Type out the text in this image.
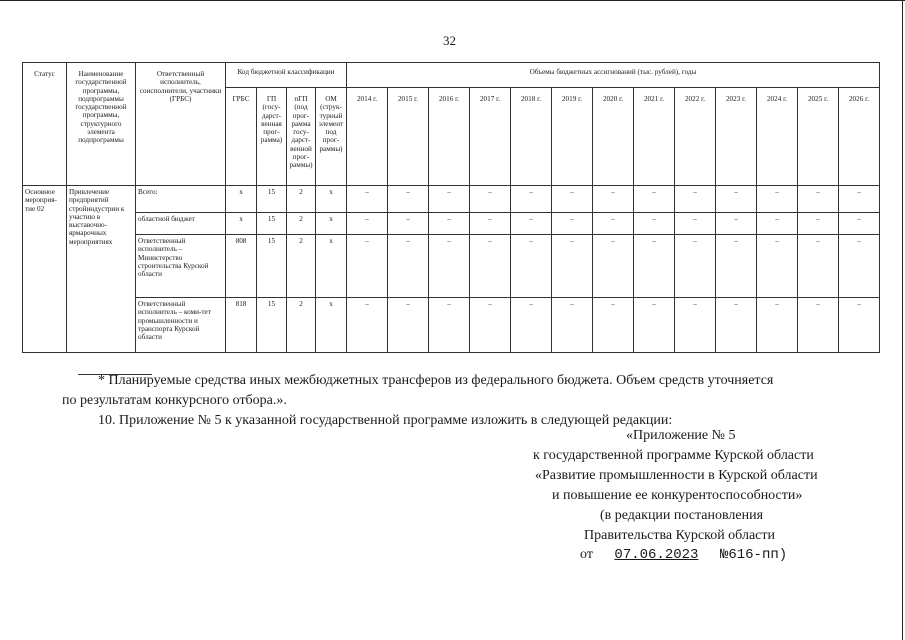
32
Статус	Наименование государственной программы, подпрограммы государственной программы, структурного элемента подпрограммы	Ответственный исполнитель, соисполнители, участники (ГРБС)	Код бюджетной классификации				Объемы бюджетных ассигнований (тыс. рублей), годы												
			ГРБС	ГП (госу-дарст-венная прог-рамма)	пГП (под прог-рамма госу-дарст-венной прог-раммы)	ОМ (струк-турный элемент под прог-раммы)	2014 г.	2015 г.	2016 г.	2017 г.	2018 г.	2019 г.	2020 г.	2021 г.	2022 г.	2023 г.	2024 г.	2025 г.	2026 г.
Основное мероприя-тие 02	Привлечение предприятий стройиндустрии к участию в выставочно-ярмарочных мероприятиях	Всего:	х	15	2	х	–	–	–	–	–	–	–	–	–	–	–	–	–
		областной бюджет	х	15	2	х	–	–	–	–	–	–	–	–	–	–	–	–	–
		Ответственный исполнитель – Министерство строительства Курской области	808	15	2	х	–	–	–	–	–	–	–	–	–	–	–	–	–
		Ответственный исполнитель – коми-тет промышленности и транспорта Курской области	818	15	2	х	–	–	–	–	–	–	–	–	–	–	–	–	–
* Планируемые средства иных межбюджетных трансферов из федерального бюджета. Объем средств уточняется
по результатам конкурсного отбора.».
10. Приложение № 5 к указанной государственной программе изложить в следующей редакции:
«Приложение № 5
к государственной программе Курской области
«Развитие промышленности в Курской области
и повышение ее конкурентоспособности»
(в редакции постановления
Правительства Курской области
от 07.06.2023 №616-пп)
